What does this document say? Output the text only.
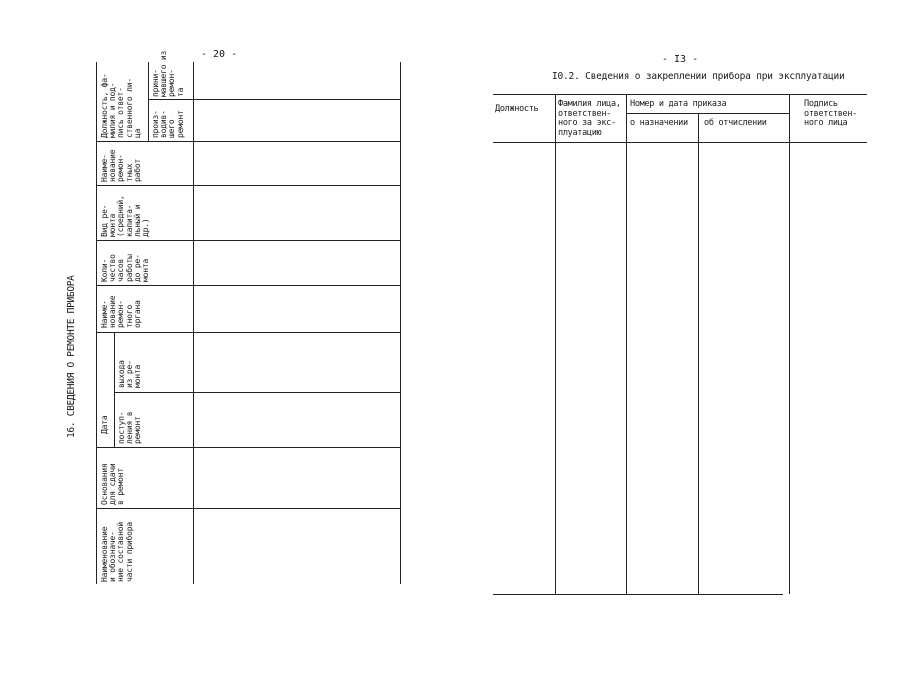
- 20 -
16. СВЕДЕНИЯ О РЕМОНТЕ ПРИБОРА
Наименование
и обозначе-
ние составной
части прибора
Основания
для сдачи
в ремонт
Дата поступ-
ления в
ремонт
выхода
из ре-
монта
Наиме-
нование
ремон-
тного
органа
Коли-
чество
часов
работы
до ре-
монта
Вид ре-
монта
(средний,
капита-
льный и
др.)
Наиме-
нование
ремон-
тных
работ
Должность, фа-
милия и под-
пись ответ-
ственного ли-
ца произ-
водив-
шего
ремонт
прини-
мавшего из
ремон-
та
- I3 -
I0.2. Сведения о закреплении прибора при эксплуатации
Должность Фамилия лица,
ответствен-
ного за экс-
плуатацию
Номер и дата приказа
о назначении об отчислении
Подпись
ответствен-
ного лица
